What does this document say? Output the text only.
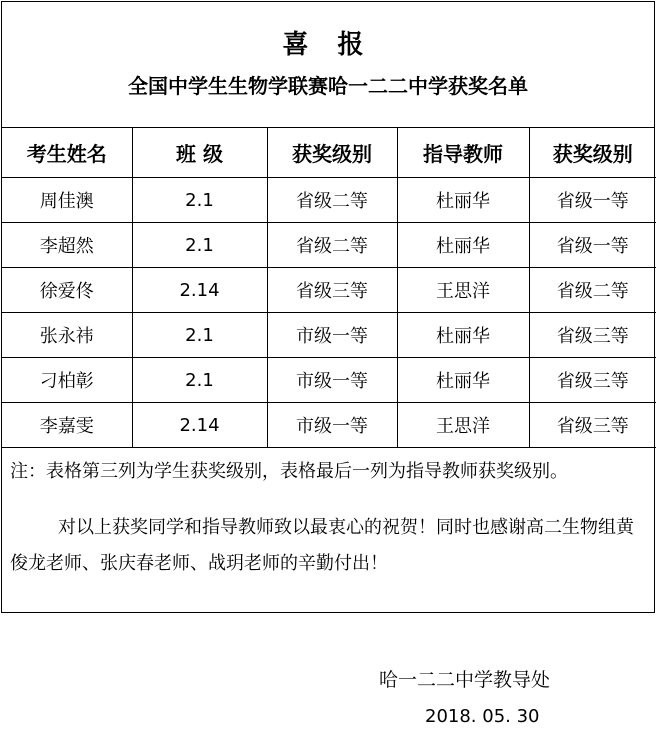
喜 报
全国中学生生物学联赛哈一二二中学获奖名单
考生姓名	班 级	获奖级别	指导教师	获奖级别
周佳澳	2.1	省级二等	杜丽华	省级一等
李超然	2.1	省级二等	杜丽华	省级一等
徐爱佟	2.14	省级三等	王思洋	省级二等
张永祎	2.1	市级一等	杜丽华	省级三等
刁柏彰	2.1	市级一等	杜丽华	省级三等
李嘉雯	2.14	市级一等	王思洋	省级三等

注：表格第三列为学生获奖级别，表格最后一列为指导教师获奖级别。

对以上获奖同学和指导教师致以最衷心的祝贺！同时也感谢高二生物组黄俊龙老师、张庆春老师、战玥老师的辛勤付出！

哈一二二中学教导处
2018. 05. 30
